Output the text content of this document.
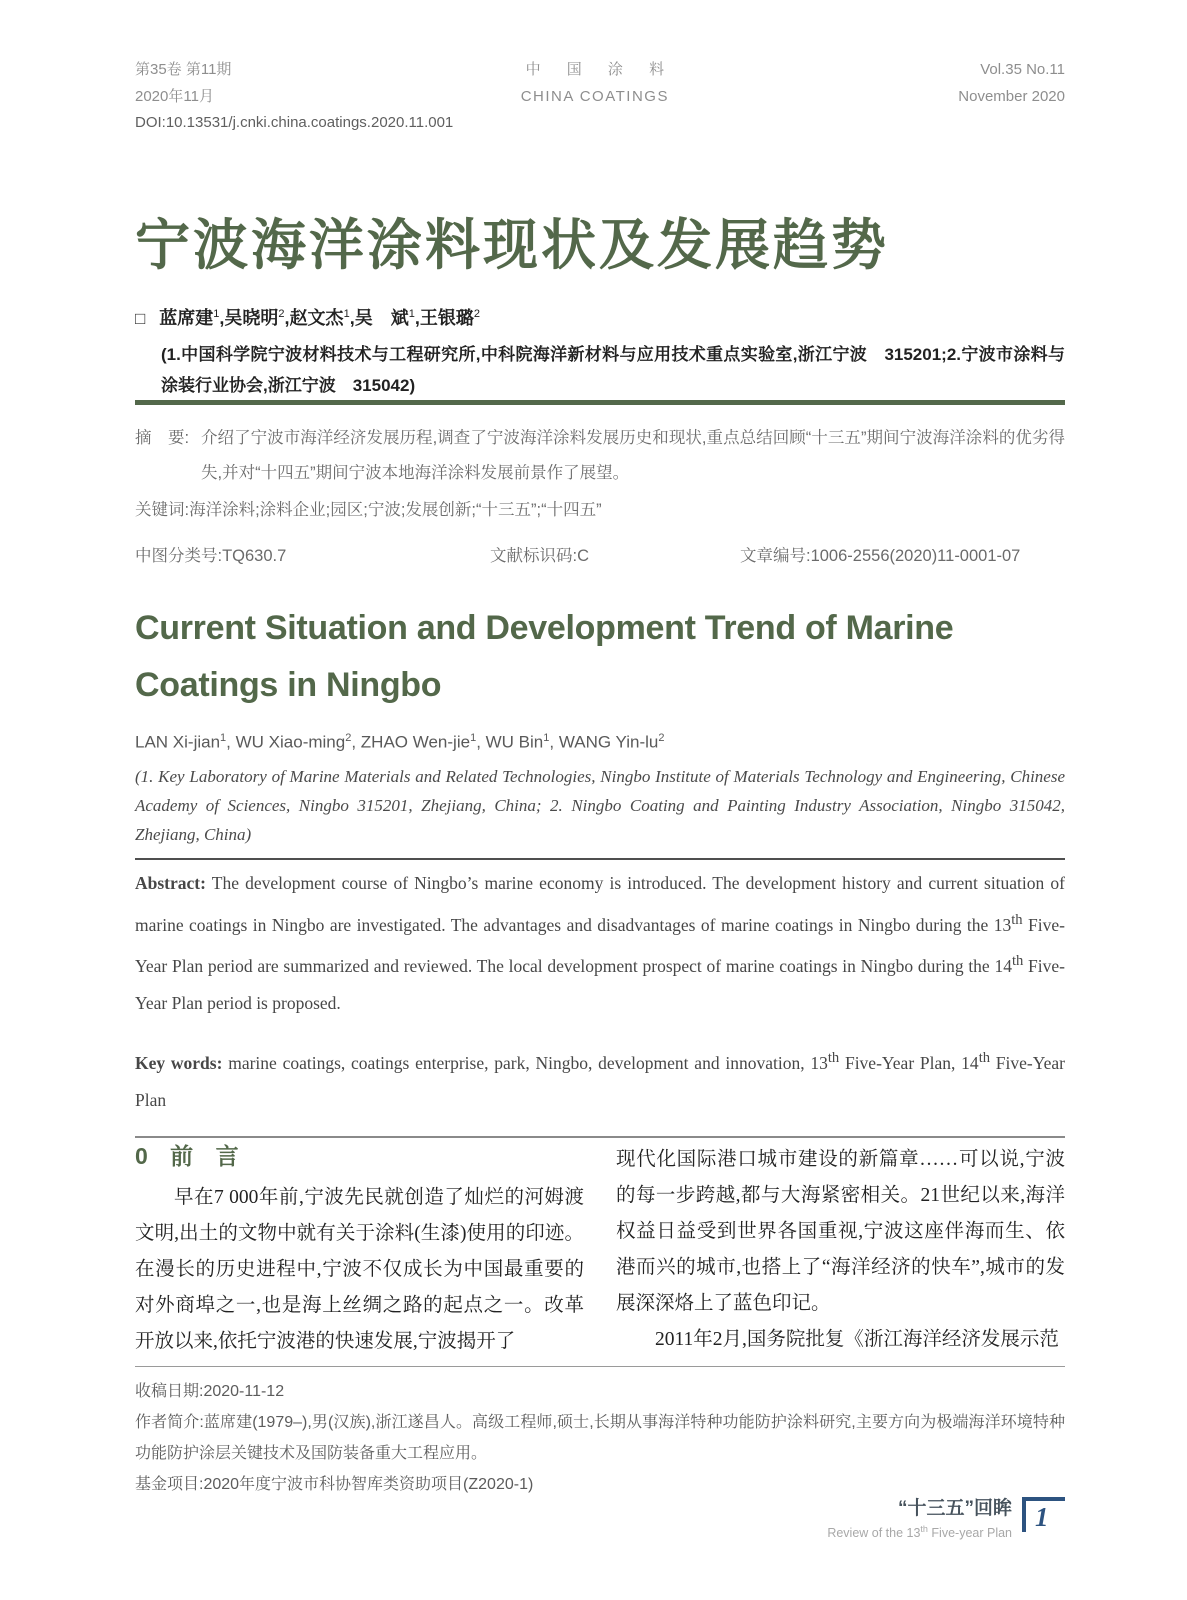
第35卷 第11期
2020年11月
中 国 涂 料
CHINA COATINGS
Vol.35 No.11
November 2020
DOI:10.13531/j.cnki.china.coatings.2020.11.001
宁波海洋涂料现状及发展趋势
□ 蓝席建$^1$,吴晓明$^2$,赵文杰$^1$,吴　斌$^1$,王银璐$^2$
(1.中国科学院宁波材料技术与工程研究所,中科院海洋新材料与应用技术重点实验室,浙江宁波　315201;2.宁波市涂料与涂装行业协会,浙江宁波　315042)
摘　要: 介绍了宁波市海洋经济发展历程,调查了宁波海洋涂料发展历史和现状,重点总结回顾“十三五”期间宁波海洋涂料的优劣得失,并对“十四五”期间宁波本地海洋涂料发展前景作了展望。
关键词:海洋涂料;涂料企业;园区;宁波;发展创新;“十三五”;“十四五”
中图分类号:TQ630.7	文献标识码:C	文章编号:1006-2556(2020)11-0001-07
Current Situation and Development Trend of Marine Coatings in Ningbo
LAN Xi-jian$^1$, WU Xiao-ming$^2$, ZHAO Wen-jie$^1$, WU Bin$^1$, WANG Yin-$lu^2$
(1. Key Laboratory of Marine Materials and Related Technologies, Ningbo Institute of Materials Technology and Engineering, Chinese Academy of Sciences, Ningbo 315201, Zhejiang, China; 2. Ningbo Coating and Painting Industry Association, Ningbo 315042, Zhejiang, China)

Abstract: The development course of Ningbo’s marine economy is introduced. The development history and current situation of marine coatings in Ningbo are investigated. The advantages and disadvantages of marine coatings in Ningbo during the 13th Five-Year Plan period are summarized and reviewed. The local development prospect of marine coatings in Ningbo during the 14th Five-Year Plan period is proposed.

Key words: marine coatings, coatings enterprise, park, Ningbo, development and innovation, 13th Five-Year Plan, 14th Five-Year Plan

0 前 言

早在7 000年前,宁波先民就创造了灿烂的河姆渡文明,出土的文物中就有关于涂料(生漆)使用的印迹。在漫长的历史进程中,宁波不仅成长为中国最重要的对外商埠之一,也是海上丝绸之路的起点之一。改革开放以来,依托宁波港的快速发展,宁波揭开了

现代化国际港口城市建设的新篇章……可以说,宁波的每一步跨越,都与大海紧密相关。21世纪以来,海洋权益日益受到世界各国重视,宁波这座伴海而生、依港而兴的城市,也搭上了“海洋经济的快车”,城市的发展深深烙上了蓝色印记。

2011年2月,国务院批复《浙江海洋经济发展示范

收稿日期:2020-11-12

作者简介:蓝席建(1979–),男(汉族),浙江遂昌人。高级工程师,硕士,长期从事海洋特种功能防护涂料研究,主要方向为极端海洋环境特种功能防护涂层关键技术及国防装备重大工程应用。

基金项目:2020年度宁波市科协智库类资助项目(Z2020-1)

“十三五”回眸
Review of the 13th Five-year Plan
1
